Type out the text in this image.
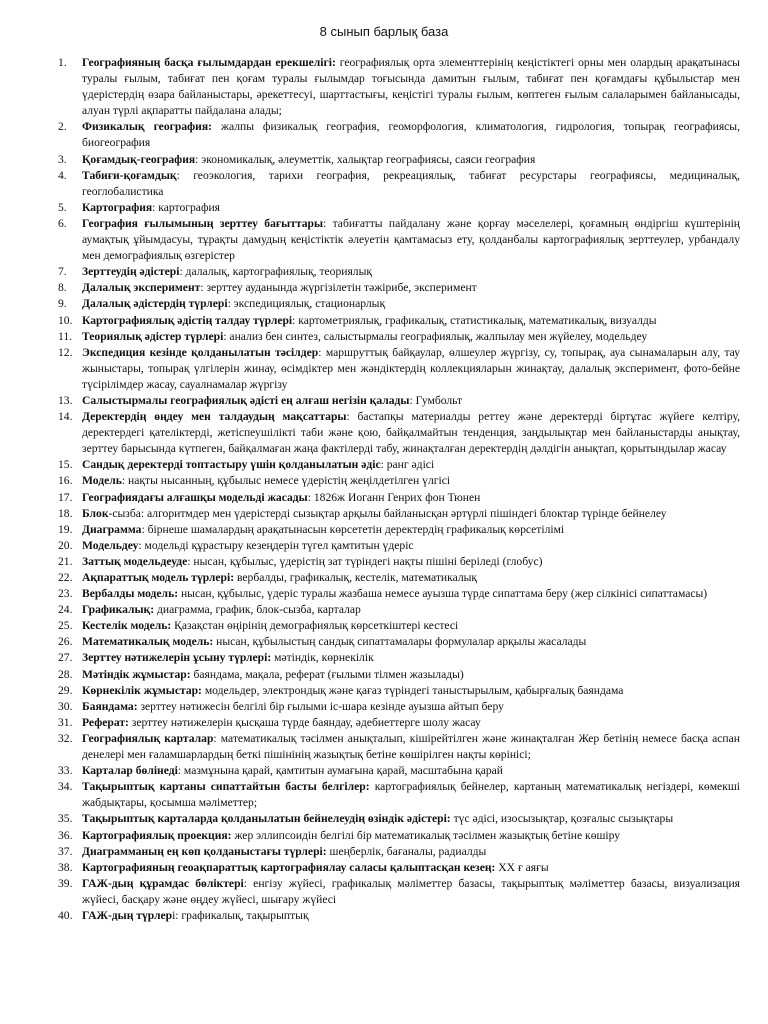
8 сынып барлық база
1.	Географияның басқа ғылымдардан ерекшелігі: географиялық орта элементтерінің кеңістіктегі орны мен олардың арақатынасы туралы ғылым, табиғат пен қоғам туралы ғылымдар тоғысында дамитын ғылым, табиғат пен қоғамдағы құбылыстар мен үдерістердің өзара байланыстары, әрекеттесуі, шарттастығы, кеңістігі туралы ғылым, көптеген ғылым салаларымен байланысады, алуан түрлі ақпаратты пайдалана алады;
2.	Физикалық география: жалпы физикалық география, геоморфология, климатология, гидрология, топырақ географиясы, биогеография
3.	Қоғамдық-география: экономикалық, әлеуметтік, халықтар географиясы, саяси география
4.	Табиғи-қоғамдық: геоэкология, тарихи география, рекреациялық, табиғат ресурстары географиясы, медициналық, геоглобалистика
5.	Картография: картография
6.	География ғылымының зерттеу бағыттары: табиғатты пайдалану және қорғау мәселелері, қоғамның өндіргіш күштерінің аумақтық ұйымдасуы, тұрақты дамудың кеңістіктік әлеуетін қамтамасыз ету, қолданбалы картографиялық зерттеулер, урбандалу мен демографиялық өзгерістер
7.	Зерттеудің әдістері: далалық, картографиялық, теориялық
8.	Далалық эксперимент: зерттеу ауданында жүргізілетін тәжірибе, эксперимент
9.	Далалық әдістердің түрлері: экспедициялық, стационарлық
10. Картографиялық әдістің талдау түрлері: картометриялық, графикалық, статистикалық, математикалық, визуалды
11. Теориялық әдістер түрлері: анализ бен синтез, салыстырмалы географиялық, жалпылау мен жүйелеу, модельдеу
12. Экспедиция кезінде қолданылатын тәсілдер: маршруттық байқаулар, өлшеулер жүргізу, су, топырақ, ауа сынамаларын алу, тау жыныстары, топырақ үлгілерін жинау, өсімдіктер мен жәндіктердің коллекцияларын жинақтау, далалық эксперимент, фото-бейне түсірілімдер жасау, сауалнамалар жүргізу
13. Салыстырмалы географиялық әдісті ең алғаш негізін қалады: Гумбольт
14. Деректердің өңдеу мен талдаудың мақсаттары: бастапқы материалды реттеу және деректерді біртұтас жүйеге келтіру, деректердегі қателіктерді, жетіспеушілікті таби және қою, байқалмайтын тенденция, заңдылықтар мен байланыстарды анықтау, зерттеу барысында күтпеген, байқалмаған жаңа фактілерді табу, жинақталған деректердің дәлдігін анықтап, қорытындылар жасау
15. Сандық деректерді топтастыру үшін қолданылатын әдіс: ранг әдісі
16. Модель: нақты нысанның, құбылыс немесе үдерістің жеңілдетілген үлгісі
17. Географиядағы алғашқы модельді жасады: 1826ж Иоганн Генрих фон Тюнен
18. Блок-сызба: алгоритмдер мен үдерістерді сызықтар арқылы байланысқан әртүрлі пішіндегі блоктар түрінде бейнелеу
19. Диаграмма: бірнеше шамалардың арақатынасын көрсететін деректердің графикалық көрсетілімі
20. Модельдеу: модельді құрастыру кезеңдерін түгел қамтитын үдеріс
21. Заттық модельдеуде: нысан, құбылыс, үдерістің зат түріндегі нақты пішіні беріледі (глобус)
22. Ақпараттық модель түрлері: вербалды, графикалық, кестелік, математикалық
23. Вербалды модель: нысан, құбылыс, үдеріс туралы жазбаша немесе ауызша түрде сипаттама беру (жер сілкінісі сипаттамасы)
24. Графикалық: диаграмма, график, блок-сызба, карталар
25. Кестелік модель: Қазақстан өңірінің демографиялық көрсеткіштері кестесі
26. Математикалық модель: нысан, құбылыстың сандық сипаттамалары формулалар арқылы жасалады
27. Зерттеу нәтижелерін ұсыну түрлері: мәтіндік, көрнекілік
28. Мәтіндік жұмыстар: баяндама, мақала, реферат (ғылыми тілмен жазылады)
29. Көрнекілік жұмыстар: модельдер, электрондық және қағаз түріндегі таныстырылым, қабырғалық баяндама
30. Баяндама: зерттеу нәтижесін белгілі бір ғылыми іс-шара кезінде ауызша айтып беру
31. Реферат: зерттеу нәтижелерін қысқаша түрде баяндау, әдебиеттерге шолу жасау
32. Географиялық карталар: математикалық тәсілмен анықталып, кішірейтілген және жинақталған Жер бетінің немесе басқа аспан денелері мен ғаламшарлардың беткі пішінінің жазықтық бетіне көшірілген нақты көрінісі;
33. Карталар бөлінеді: мазмұнына қарай, қамтитын аумағына қарай, масштабына қарай
34. Тақырыптық картаны сипаттайтын басты белгілер: картографиялық бейнелер, картаның математикалық негіздері, көмекші жабдықтары, қосымша мәліметтер;
35. Тақырыптық карталарда қолданылатын бейнелеудің өзіндік әдістері: түс әдісі, изосызықтар, қозғалыс сызықтары
36. Картографиялық проекция: жер эллипсоидін белгілі бір математикалық тәсілмен жазықтық бетіне көшіру
37. Диаграмманың ең көп қолданыстағы түрлері: шеңберлік, бағаналы, радиалды
38. Картографияның геоақпараттық картографиялау саласы қалыптасқан кезең: XX ғ аяғы
39. ГАЖ-дың құрамдас бөліктері: енгізу жүйесі, графикалық мәліметтер базасы, тақырыптық мәліметтер базасы, визуализация жүйесі, басқару және өңдеу жүйесі, шығару жүйесі
40. ГАЖ-дың түрлері: графикалық, тақырыптық
